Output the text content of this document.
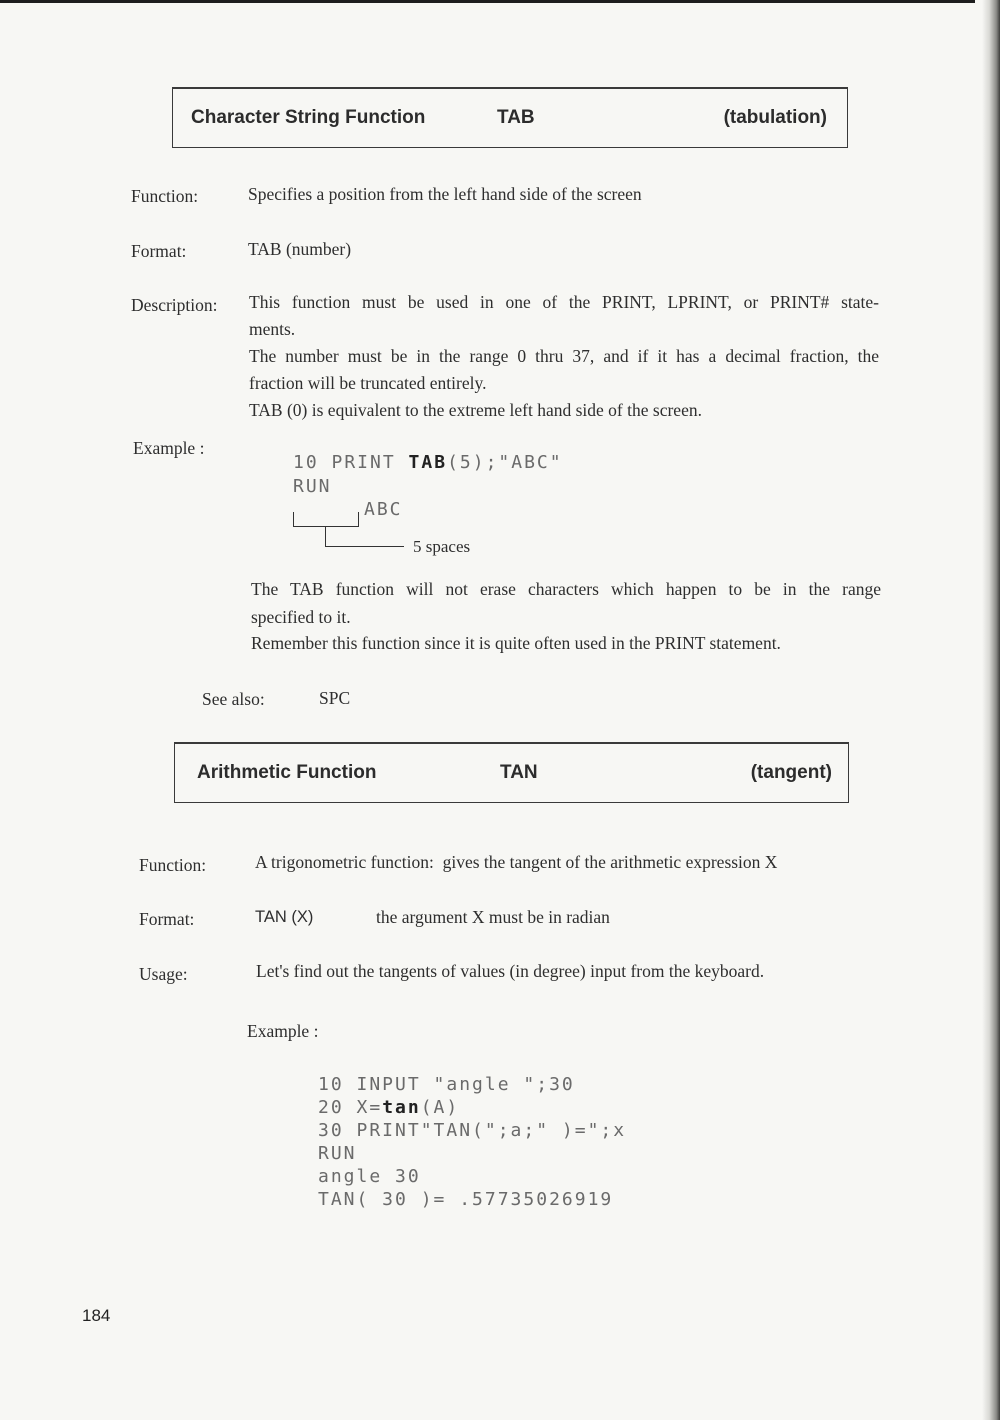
Character String Function	TAB	(tabulation)
Function:	Specifies a position from the left hand side of the screen
Format:	TAB (number)
Description: This function must be used in one of the PRINT, LPRINT, or PRINT# state-

ments.

The number must be in the range 0 thru 37, and if it has a decimal fraction, the

fraction will be truncated entirely.

TAB (0) is equivalent to the extreme left hand side of the screen.

Example :
10 PRINT TAB(5);"ABC"
RUN
ABC
5 spaces

The TAB function will not erase characters which happen to be in the range

specified to it.

Remember this function since it is quite often used in the PRINT statement.

See also:	SPC
Arithmetic Function	TAN	(tangent)
Function:	A trigonometric function:  gives the tangent of the arithmetic expression X
Format:	TAN (X)	the argument X must be in radian
Usage:	Let's find out the tangents of values (in degree) input from the keyboard.
Example :
10 INPUT "angle ";30
20 X=tan(A)
30 PRINT"TAN(";a;" )=";x
RUN
angle 30
TAN( 30 )= .57735026919
184
